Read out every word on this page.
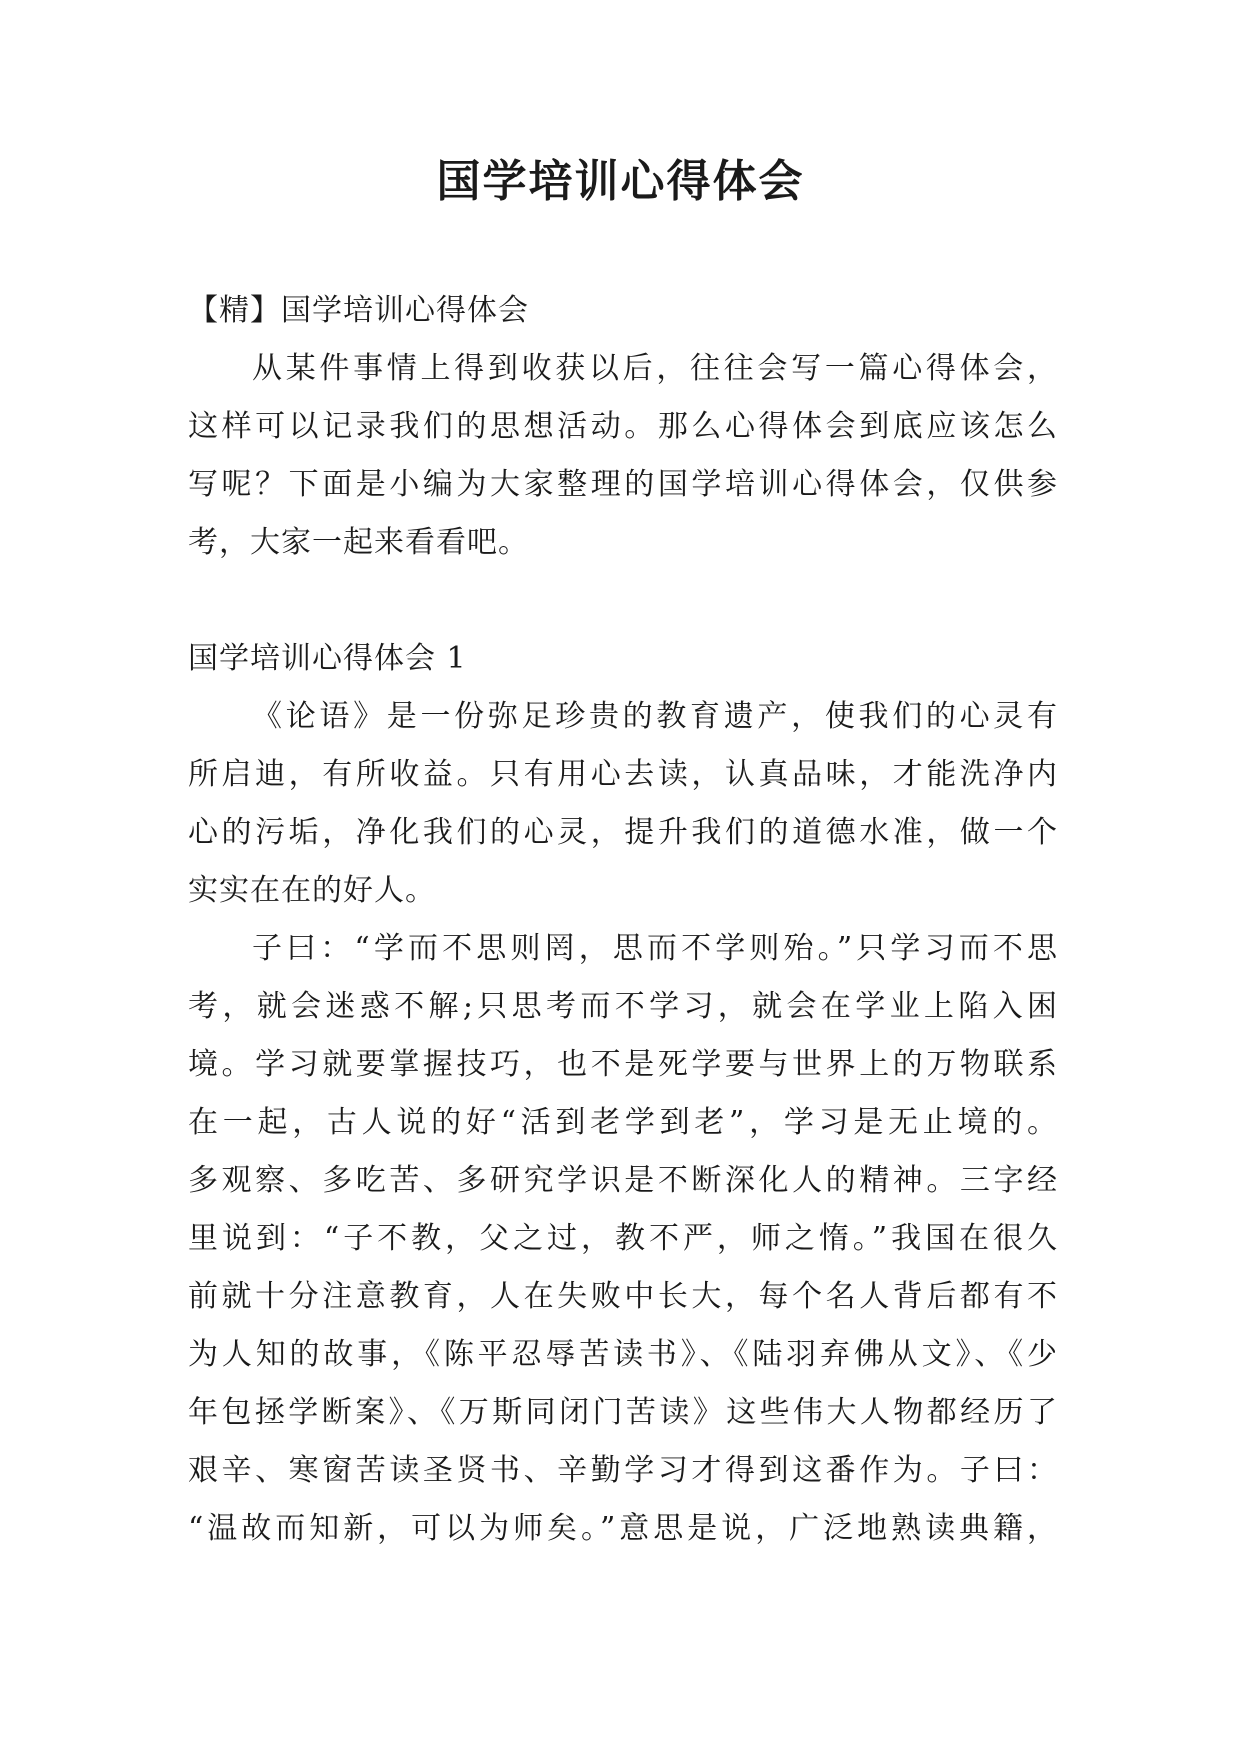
国学培训心得体会
【精】国学培训心得体会
从某件事情上得到收获以后，往往会写一篇心得体会，
这样可以记录我们的思想活动。那么心得体会到底应该怎么
写呢？下面是小编为大家整理的国学培训心得体会，仅供参
考，大家一起来看看吧。
国学培训心得体会 1
《论语》是一份弥足珍贵的教育遗产，使我们的心灵有
所启迪，有所收益。只有用心去读，认真品味，才能洗净内
心的污垢，净化我们的心灵，提升我们的道德水准，做一个
实实在在的好人。
子曰：“学而不思则罔，思而不学则殆。”只学习而不思
考，就会迷惑不解;只思考而不学习，就会在学业上陷入困
境。学习就要掌握技巧，也不是死学要与世界上的万物联系
在一起，古人说的好“活到老学到老”，学习是无止境的。
多观察、多吃苦、多研究学识是不断深化人的精神。三字经
里说到：“子不教，父之过，教不严，师之惰。”我国在很久
前就十分注意教育，人在失败中长大，每个名人背后都有不
为人知的故事，《陈平忍辱苦读书》、《陆羽弃佛从文》、《少
年包拯学断案》、《万斯同闭门苦读》这些伟大人物都经历了
艰辛、寒窗苦读圣贤书、辛勤学习才得到这番作为。子曰：
“温故而知新，可以为师矣。”意思是说，广泛地熟读典籍，
